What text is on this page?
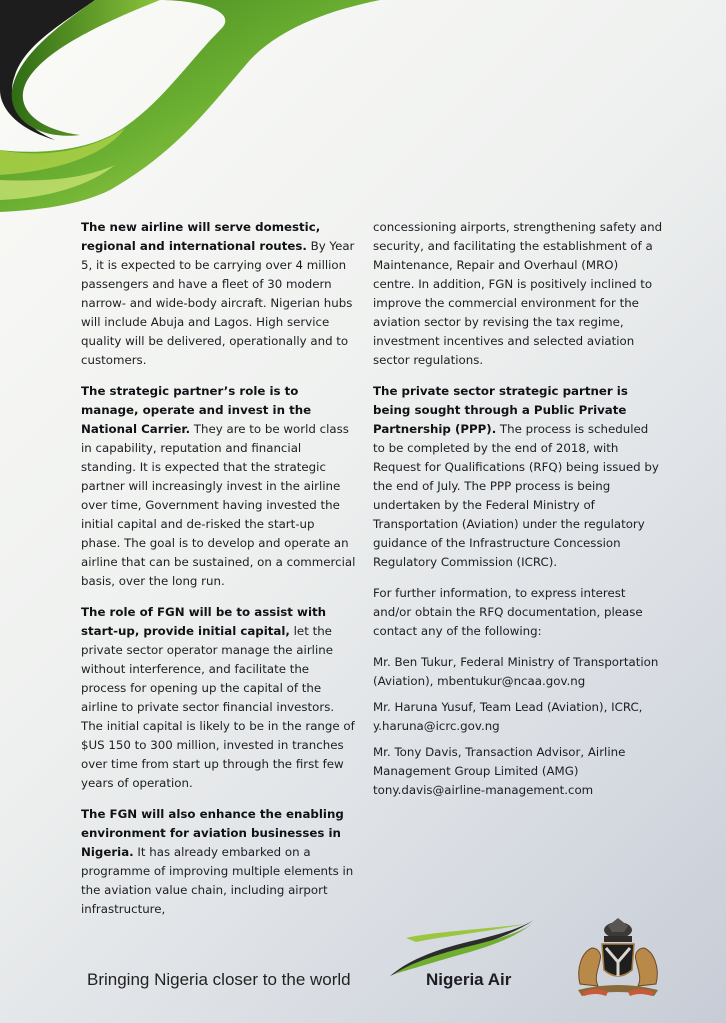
The new airline will serve domestic, regional and international routes. By Year 5, it is expected to be carrying over 4 million passengers and have a fleet of 30 modern narrow- and wide-body aircraft. Nigerian hubs will include Abuja and Lagos. High service quality will be delivered, operationally and to customers.

The strategic partner’s role is to manage, operate and invest in the National Carrier. They are to be world class in capability, reputation and financial standing. It is expected that the strategic partner will increasingly invest in the airline over time, Government having invested the initial capital and de-risked the start-up phase. The goal is to develop and operate an airline that can be sustained, on a commercial basis, over the long run.

The role of FGN will be to assist with start-up, provide initial capital, let the private sector operator manage the airline without interference, and facilitate the process for opening up the capital of the airline to private sector financial investors. The initial capital is likely to be in the range of $US 150 to 300 million, invested in tranches over time from start up through the first few years of operation.

The FGN will also enhance the enabling environment for aviation businesses in Nigeria. It has already embarked on a programme of improving multiple elements in the aviation value chain, including airport infrastructure,

concessioning airports, strengthening safety and security, and facilitating the establishment of a Maintenance, Repair and Overhaul (MRO) centre. In addition, FGN is positively inclined to improve the commercial environment for the aviation sector by revising the tax regime, investment incentives and selected aviation sector regulations.

The private sector strategic partner is being sought through a Public Private Partnership (PPP). The process is scheduled to be completed by the end of 2018, with Request for Qualifications (RFQ) being issued by the end of July. The PPP process is being undertaken by the Federal Ministry of Transportation (Aviation) under the regulatory guidance of the Infrastructure Concession Regulatory Commission (ICRC).

For further information, to express interest and/or obtain the RFQ documentation, please contact any of the following:

Mr. Ben Tukur, Federal Ministry of Transportation (Aviation), mbentukur@ncaa.gov.ng

Mr. Haruna Yusuf, Team Lead (Aviation), ICRC,
y.haruna@icrc.gov.ng

Mr. Tony Davis, Transaction Advisor, Airline Management Group Limited (AMG)
tony.davis@airline-management.com

Bringing Nigeria closer to the world	Nigeria Air
